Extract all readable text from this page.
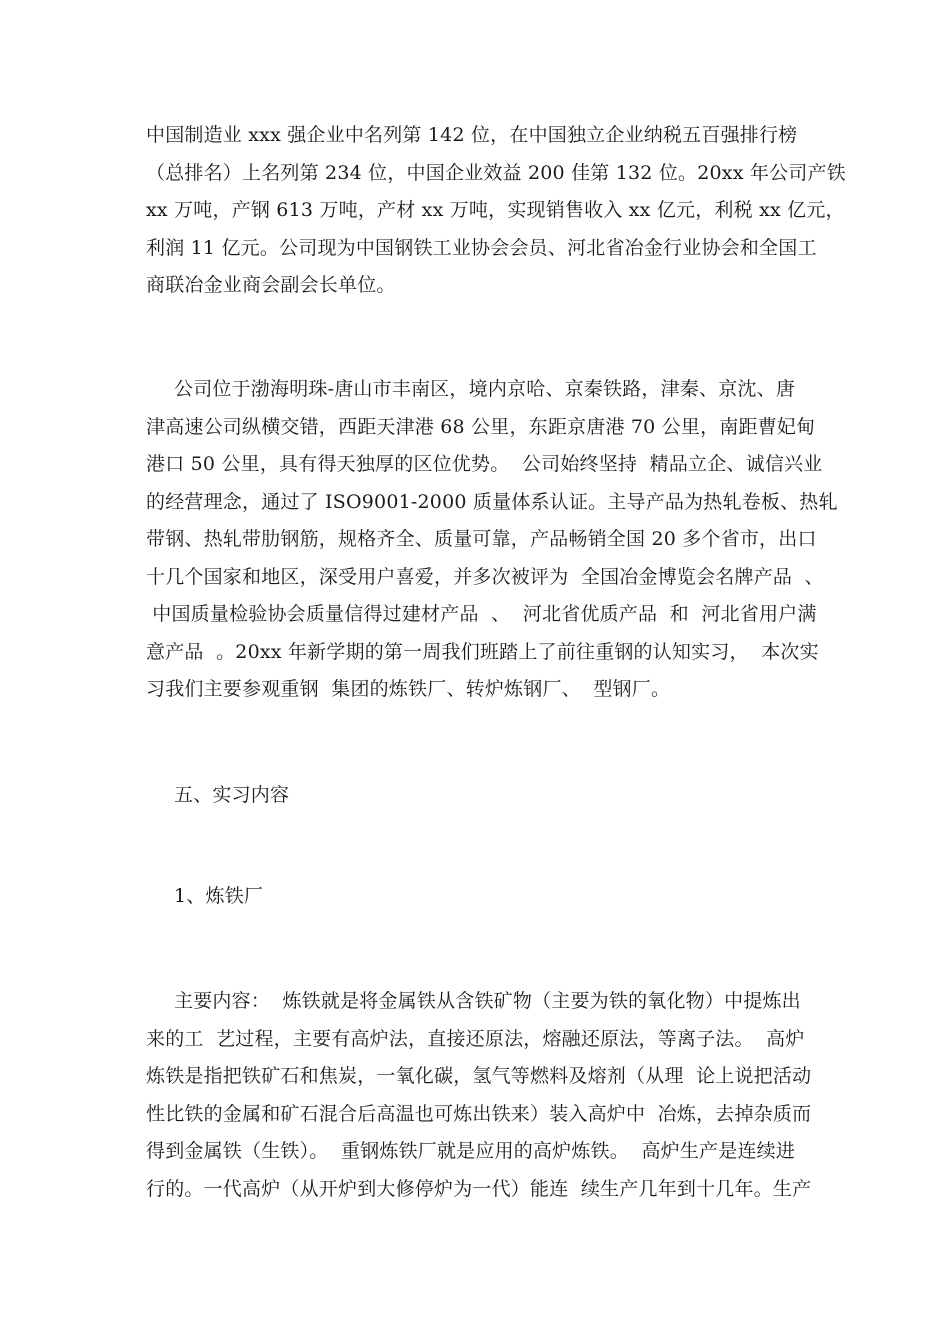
中国制造业 xxx 强企业中名列第 142 位，在中国独立企业纳税五百强排行榜
（总排名）上名列第 234 位，中国企业效益 200 佳第 132 位。20xx 年公司产铁
xx 万吨，产钢 613 万吨，产材 xx 万吨，实现销售收入 xx 亿元，利税 xx 亿元，
利润 11 亿元。公司现为中国钢铁工业协会会员、河北省冶金行业协会和全国工
商联冶金业商会副会长单位。
公司位于渤海明珠-唐山市丰南区，境内京哈、京秦铁路，津秦、京沈、唐
津高速公司纵横交错，西距天津港 68 公里，东距京唐港 70 公里，南距曹妃甸
港口 50 公里，具有得天独厚的区位优势。  公司始终坚持  精品立企、诚信兴业
的经营理念，通过了 ISO9001-2000 质量体系认证。主导产品为热轧卷板、热轧
带钢、热轧带肋钢筋，规格齐全、质量可靠，产品畅销全国 20 多个省市，出口
十几个国家和地区，深受用户喜爱，并多次被评为  全国冶金博览会名牌产品  、
中国质量检验协会质量信得过建材产品  、  河北省优质产品  和  河北省用户满
意产品  。20xx 年新学期的第一周我们班踏上了前往重钢的认知实习，  本次实
习我们主要参观重钢  集团的炼铁厂、转炉炼钢厂、  型钢厂。
五、实习内容
1、炼铁厂
主要内容：  炼铁就是将金属铁从含铁矿物（主要为铁的氧化物）中提炼出
来的工  艺过程，主要有高炉法，直接还原法，熔融还原法，等离子法。  高炉
炼铁是指把铁矿石和焦炭，一氧化碳，氢气等燃料及熔剂（从理  论上说把活动
性比铁的金属和矿石混合后高温也可炼出铁来）装入高炉中  冶炼，去掉杂质而
得到金属铁（生铁）。  重钢炼铁厂就是应用的高炉炼铁。  高炉生产是连续进
行的。一代高炉（从开炉到大修停炉为一代）能连  续生产几年到十几年。生产
